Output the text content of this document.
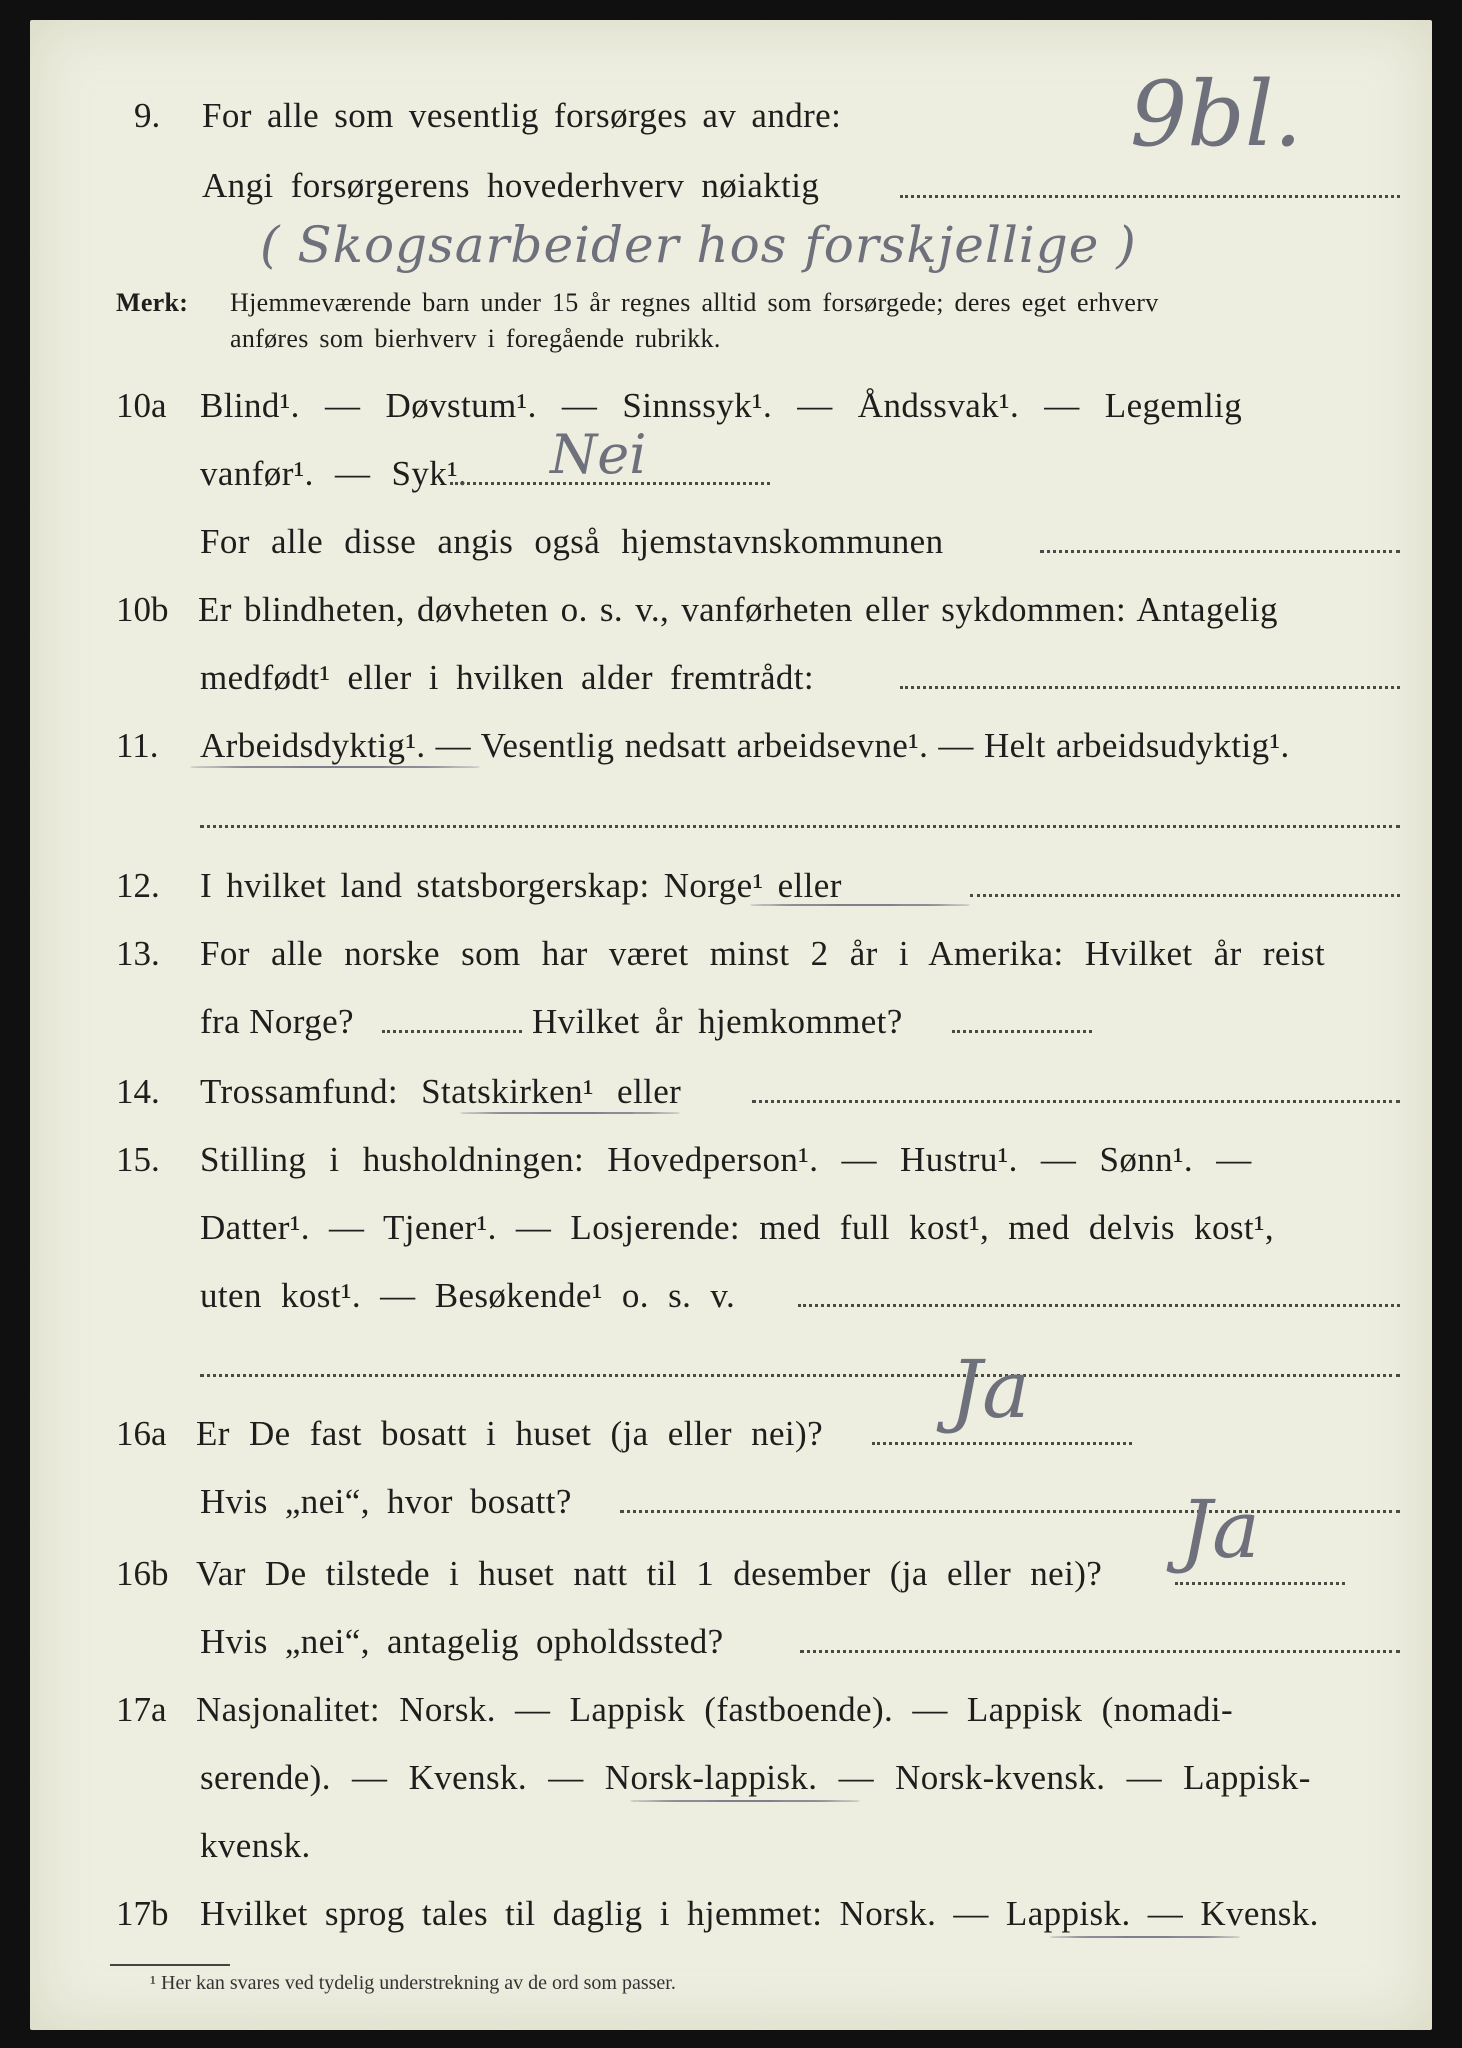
9. For alle som vesentlig forsørges av andre:
Angi forsørgerens hovederhverv nøiaktig
9bl.
( Skogsarbeider hos forskjellige )
Merk: Hjemmeværende barn under 15 år regnes alltid som forsørgede; deres eget erhverv
anføres som bierhverv i foregående rubrikk.
10a Blind¹. — Døvstum¹. — Sinnssyk¹. — Åndssvak¹. — Legemlig
vanfør¹. — Syk¹. Nei
For alle disse angis også hjemstavnskommunen
10b Er blindheten, døvheten o. s. v., vanførheten eller sykdommen: Antagelig
medfødt¹ eller i hvilken alder fremtrådt:
11. Arbeidsdyktig¹. — Vesentlig nedsatt arbeidsevne¹. — Helt arbeidsudyktig¹.
12. I hvilket land statsborgerskap: Norge¹ eller
13. For alle norske som har været minst 2 år i Amerika: Hvilket år reist
fra Norge?	Hvilket år hjemkommet?
14. Trossamfund: Statskirken¹ eller
15. Stilling i husholdningen: Hovedperson¹. — Hustru¹. — Sønn¹. —
Datter¹. — Tjener¹. — Losjerende: med full kost¹, med delvis kost¹,
uten kost¹. — Besøkende¹ o. s. v.
16a Er De fast bosatt i huset (ja eller nei)? Ja
Hvis „nei“, hvor bosatt?
16b Var De tilstede i huset natt til 1 desember (ja eller nei)? Ja
Hvis „nei“, antagelig opholdssted?
17a Nasjonalitet: Norsk. — Lappisk (fastboende). — Lappisk (nomadi-
serende). — Kvensk. — Norsk-lappisk. — Norsk-kvensk. — Lappisk-
kvensk.
17b Hvilket sprog tales til daglig i hjemmet: Norsk. — Lappisk. — Kvensk.
¹ Her kan svares ved tydelig understrekning av de ord som passer.
